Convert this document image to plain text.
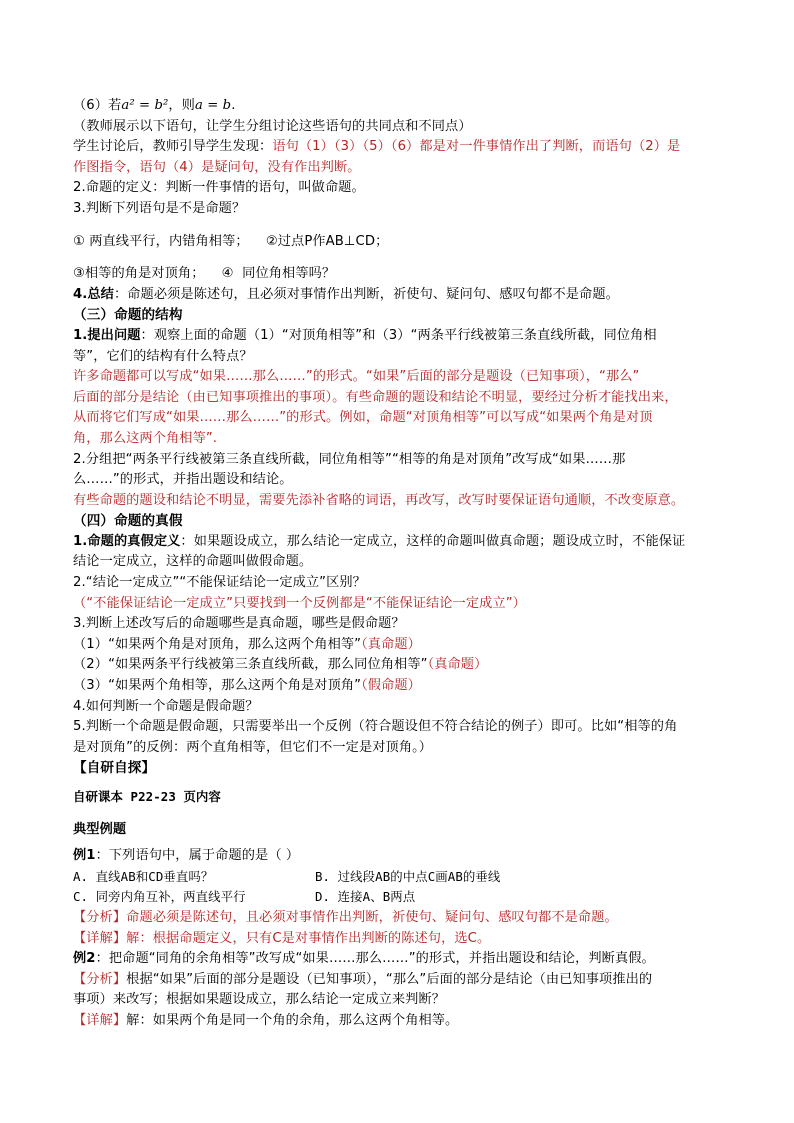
（6）若a² = b²，则a = b.
（教师展示以下语句，让学生分组讨论这些语句的共同点和不同点）
学生讨论后，教师引导学生发现：语句（1）（3）（5）（6）都是对一件事情作出了判断，而语句（2）是
作图指令，语句（4）是疑问句，没有作出判断。
2.命题的定义：判断一件事情的语句，叫做命题。
3.判断下列语句是不是命题？
① 两直线平行，内错角相等；    ②过点P作AB⊥CD；
③相等的角是对顶角；    ④  同位角相等吗？
4.总结：命题必须是陈述句，且必须对事情作出判断，祈使句、疑问句、感叹句都不是命题。
（三）命题的结构
1.提出问题：观察上面的命题（1）“对顶角相等”和（3）“两条平行线被第三条直线所截，同位角相
等”，它们的结构有什么特点？
许多命题都可以写成“如果……那么……”的形式。“如果”后面的部分是题设（已知事项），“那么”
后面的部分是结论（由已知事项推出的事项）。有些命题的题设和结论不明显，要经过分析才能找出来，
从而将它们写成“如果……那么……”的形式。例如，命题“对顶角相等”可以写成“如果两个角是对顶
角，那么这两个角相等”.
2.分组把“两条平行线被第三条直线所截，同位角相等”“相等的角是对顶角”改写成“如果……那
么……”的形式，并指出题设和结论。
有些命题的题设和结论不明显，需要先添补省略的词语，再改写，改写时要保证语句通顺，不改变原意。
（四）命题的真假
1.命题的真假定义：如果题设成立，那么结论一定成立，这样的命题叫做真命题；题设成立时，不能保证
结论一定成立，这样的命题叫做假命题。
2.“结论一定成立”“不能保证结论一定成立”区别？
（“不能保证结论一定成立”只要找到一个反例都是“不能保证结论一定成立”）
3.判断上述改写后的命题哪些是真命题，哪些是假命题？
（1）“如果两个角是对顶角，那么这两个角相等”（真命题）
（2）“如果两条平行线被第三条直线所截，那么同位角相等”（真命题）
（3）“如果两个角相等，那么这两个角是对顶角”（假命题）
4.如何判断一个命题是假命题？
5.判断一个命题是假命题，只需要举出一个反例（符合题设但不符合结论的例子）即可。比如“相等的角
是对顶角”的反例：两个直角相等，但它们不一定是对顶角。）
【自研自探】
自研课本 P22-23 页内容
典型例题
例1：下列语句中，属于命题的是（ ）
A. 直线AB和CD垂直吗？	B. 过线段AB的中点C画AB的垂线
C. 同旁内角互补，两直线平行	D. 连接A、B两点
【分析】命题必须是陈述句，且必须对事情作出判断，祈使句、疑问句、感叹句都不是命题。
【详解】解：根据命题定义，只有C是对事情作出判断的陈述句，选C。
例2：把命题“同角的余角相等”改写成“如果……那么……”的形式，并指出题设和结论，判断真假。
【分析】根据“如果”后面的部分是题设（已知事项），“那么”后面的部分是结论（由已知事项推出的
事项）来改写；根据如果题设成立，那么结论一定成立来判断？
【详解】解：如果两个角是同一个角的余角，那么这两个角相等。
